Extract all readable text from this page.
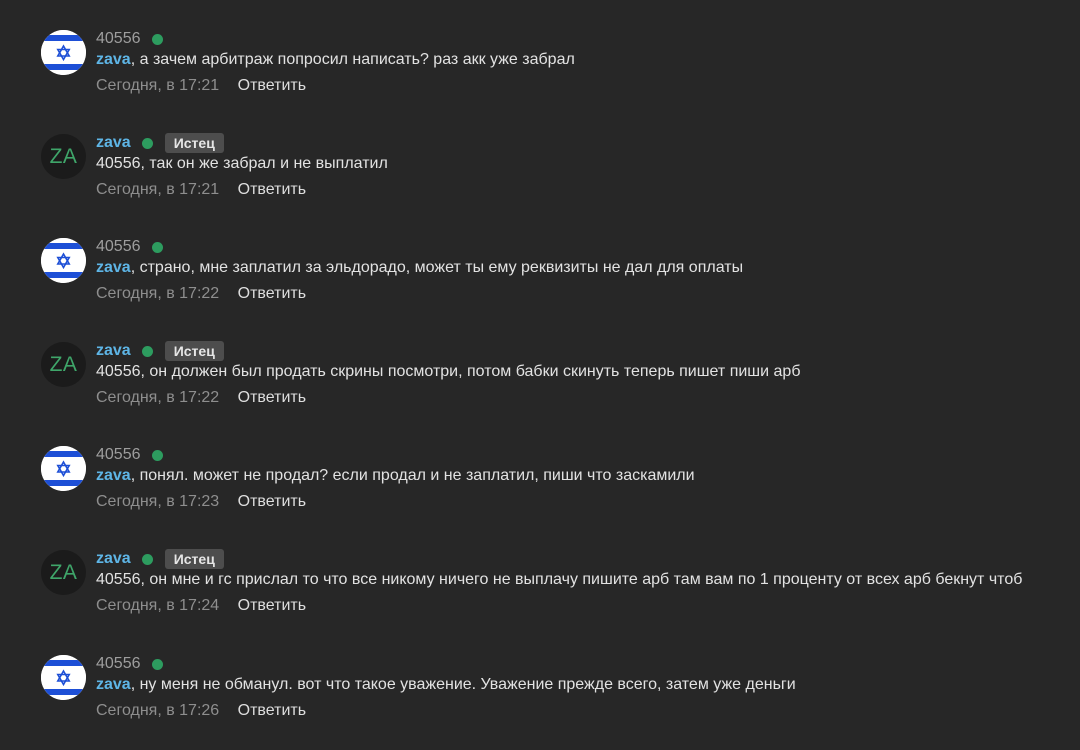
40556
zava, а зачем арбитраж попросил написать? раз акк уже забрал
Сегодня, в 17:21 Ответить
ZA
zava	Истец
40556, так он же забрал и не выплатил
Сегодня, в 17:21 Ответить
40556
zava, страно, мне заплатил за эльдорадо, может ты ему реквизиты не дал для оплаты
Сегодня, в 17:22 Ответить
ZA
zava	Истец
40556, он должен был продать скрины посмотри, потом бабки скинуть теперь пишет пиши арб
Сегодня, в 17:22 Ответить
40556
zava, понял. может не продал? если продал и не заплатил, пиши что заскамили
Сегодня, в 17:23 Ответить
ZA
zava	Истец
40556, он мне и гс прислал то что все никому ничего не выплачу пишите арб там вам по 1 проценту от всех арб бекнут чтоб
Сегодня, в 17:24 Ответить
40556
zava, ну меня не обманул. вот что такое уважение. Уважение прежде всего, затем уже деньги
Сегодня, в 17:26 Ответить
